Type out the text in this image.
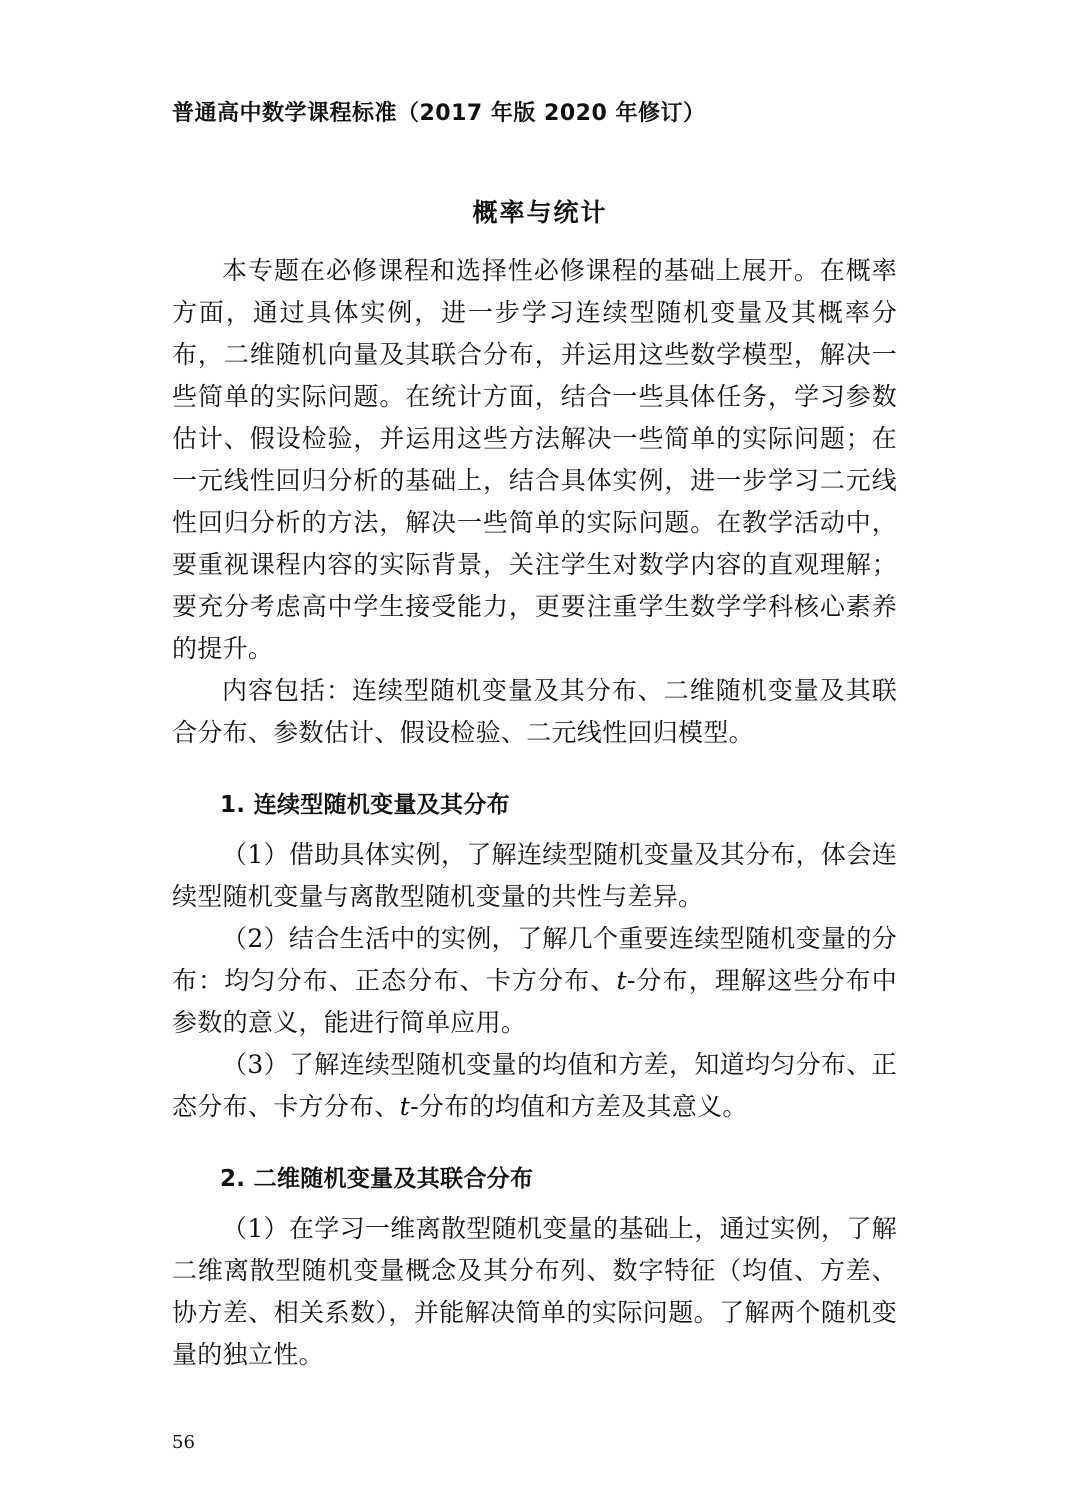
普通高中数学课程标准（2017 年版 2020 年修订）
概率与统计

本专题在必修课程和选择性必修课程的基础上展开。在概率方面，通过具体实例，进一步学习连续型随机变量及其概率分布，二维随机向量及其联合分布，并运用这些数学模型，解决一些简单的实际问题。在统计方面，结合一些具体任务，学习参数估计、假设检验，并运用这些方法解决一些简单的实际问题；在一元线性回归分析的基础上，结合具体实例，进一步学习二元线性回归分析的方法，解决一些简单的实际问题。在教学活动中，要重视课程内容的实际背景，关注学生对数学内容的直观理解；要充分考虑高中学生接受能力，更要注重学生数学学科核心素养的提升。

内容包括：连续型随机变量及其分布、二维随机变量及其联合分布、参数估计、假设检验、二元线性回归模型。

1. 连续型随机变量及其分布

（1）借助具体实例，了解连续型随机变量及其分布，体会连续型随机变量与离散型随机变量的共性与差异。

（2）结合生活中的实例，了解几个重要连续型随机变量的分布：均匀分布、正态分布、卡方分布、t-分布，理解这些分布中参数的意义，能进行简单应用。

（3）了解连续型随机变量的均值和方差，知道均匀分布、正态分布、卡方分布、t-分布的均值和方差及其意义。

2. 二维随机变量及其联合分布

（1）在学习一维离散型随机变量的基础上，通过实例，了解二维离散型随机变量概念及其分布列、数字特征（均值、方差、协方差、相关系数），并能解决简单的实际问题。了解两个随机变量的独立性。

56
